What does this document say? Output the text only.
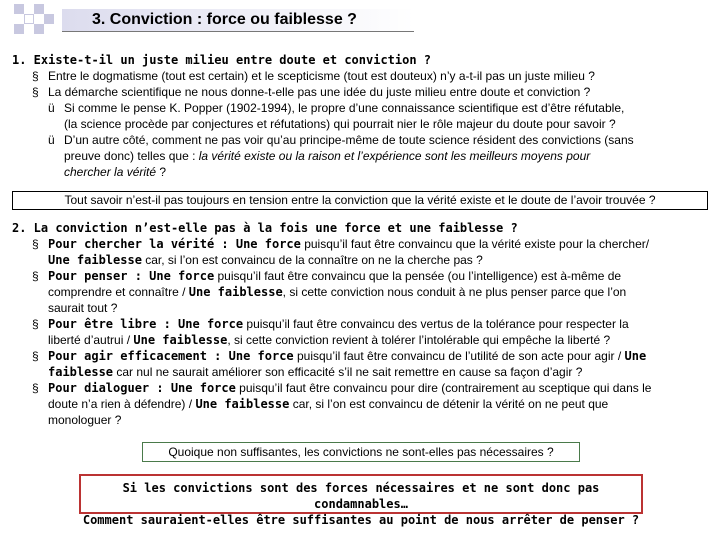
3. Conviction : force ou faiblesse ?
1. Existe-t-il un juste milieu entre doute et conviction ?
§ Entre le dogmatisme (tout est certain) et le scepticisme (tout est douteux) n’y a-t-il pas un juste milieu ?
§ La démarche scientifique ne nous donne-t-elle pas une idée du juste milieu entre doute et conviction ?
ü Si comme le pense K. Popper (1902-1994), le propre d’une connaissance scientifique est d’être réfutable,
(la science procède par conjectures et réfutations) qui pourrait nier le rôle majeur du doute pour savoir ?
ü D’un autre côté, comment ne pas voir qu’au principe-même de toute science résident des convictions (sans
preuve donc) telles que : la vérité existe ou la raison et l’expérience sont les meilleurs moyens pour
chercher la vérité ?
Tout savoir n’est-il pas toujours en tension entre la conviction que la vérité existe et le doute de l’avoir trouvée ?
2. La conviction n’est-elle pas à la fois une force et une faiblesse ?
§ Pour chercher la vérité : Une force puisqu’il faut être convaincu que la vérité existe pour la chercher/
Une faiblesse car, si l’on est convaincu de la connaître on ne la cherche pas ?
§ Pour penser : Une force puisqu’il faut être convaincu que la pensée (ou l’intelligence) est à-même de
comprendre et connaître / Une faiblesse, si cette conviction nous conduit à ne plus penser parce que l’on
saurait tout ?
§ Pour être libre : Une force puisqu’il faut être convaincu des vertus de la tolérance pour respecter la
liberté d’autrui / Une faiblesse, si cette conviction revient à tolérer l’intolérable qui empêche la liberté ?
§ Pour agir efficacement : Une force puisqu’il faut être convaincu de l’utilité de son acte pour agir / Une
faiblesse car nul ne saurait améliorer son efficacité s’il ne sait remettre en cause sa façon d’agir ?
§ Pour dialoguer : Une force puisqu’il faut être convaincu pour dire (contrairement au sceptique qui dans le
doute n’a rien à défendre) / Une faiblesse car, si l’on est convaincu de détenir la vérité on ne peut que
monologuer ?
Quoique non suffisantes, les convictions ne sont-elles pas nécessaires ?
Si les convictions sont des forces nécessaires et ne sont donc pas condamnables…
Comment sauraient-elles être suffisantes au point de nous arrêter de penser ?
